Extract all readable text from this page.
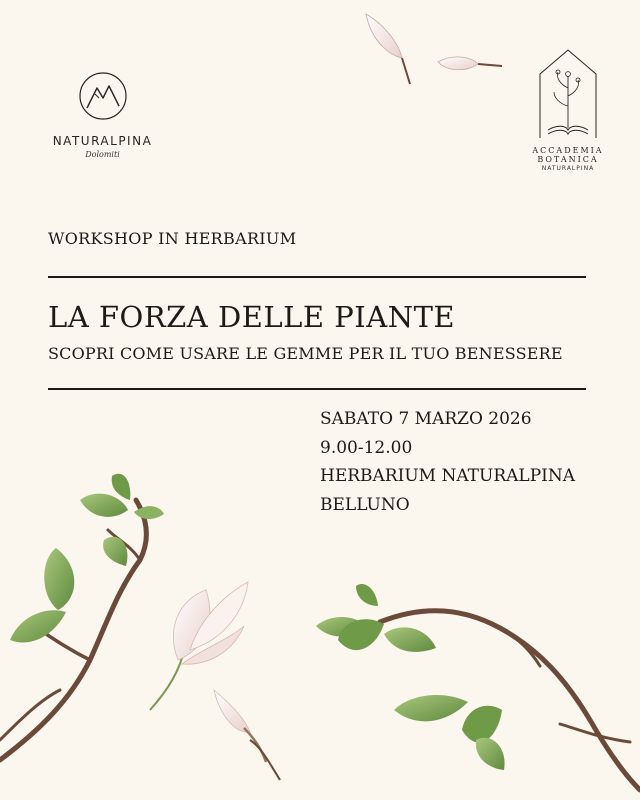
NATURALPINA
Dolomiti	ACCADEMIA
BOTANICA
NATURALPINA
WORKSHOP IN HERBARIUM
LA FORZA DELLE PIANTE
SCOPRI COME USARE LE GEMME PER IL TUO BENESSERE
SABATO 7 MARZO 2026
9.00-12.00
HERBARIUM NATURALPINA
BELLUNO
